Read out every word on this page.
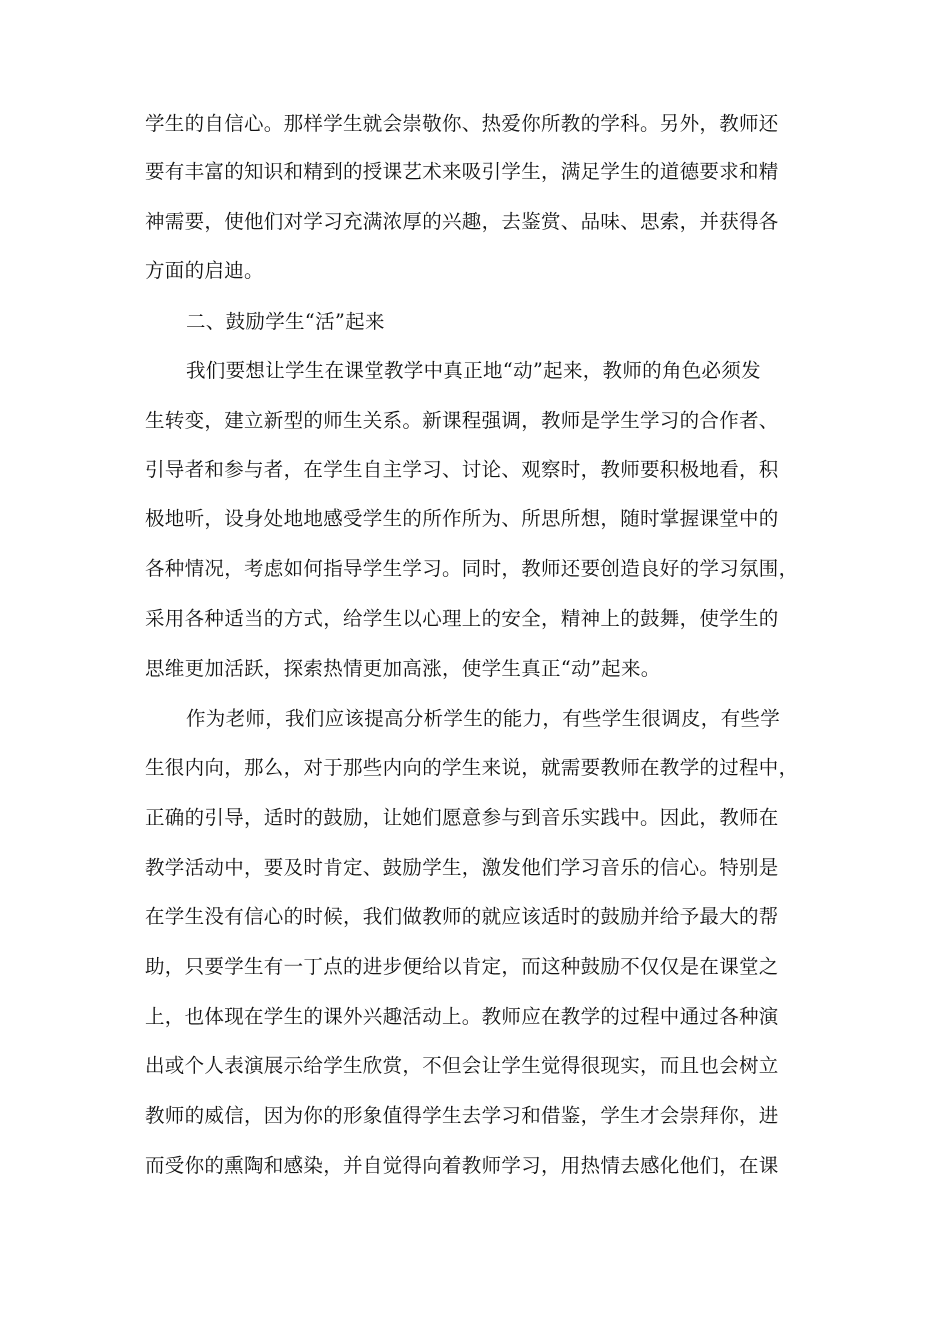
学生的自信心。那样学生就会崇敬你、热爱你所教的学科。另外，教师还
要有丰富的知识和精到的授课艺术来吸引学生，满足学生的道德要求和精
神需要，使他们对学习充满浓厚的兴趣，去鉴赏、品味、思索，并获得各
方面的启迪。
二、鼓励学生“活”起来
我们要想让学生在课堂教学中真正地“动”起来，教师的角色必须发
生转变，建立新型的师生关系。新课程强调，教师是学生学习的合作者、
引导者和参与者，在学生自主学习、讨论、观察时，教师要积极地看，积
极地听，设身处地地感受学生的所作所为、所思所想，随时掌握课堂中的
各种情况，考虑如何指导学生学习。同时，教师还要创造良好的学习氛围，
采用各种适当的方式，给学生以心理上的安全，精神上的鼓舞，使学生的
思维更加活跃，探索热情更加高涨，使学生真正“动”起来。
作为老师，我们应该提高分析学生的能力，有些学生很调皮，有些学
生很内向，那么，对于那些内向的学生来说，就需要教师在教学的过程中，
正确的引导，适时的鼓励，让她们愿意参与到音乐实践中。因此，教师在
教学活动中，要及时肯定、鼓励学生，激发他们学习音乐的信心。特别是
在学生没有信心的时候，我们做教师的就应该适时的鼓励并给予最大的帮
助，只要学生有一丁点的进步便给以肯定，而这种鼓励不仅仅是在课堂之
上，也体现在学生的课外兴趣活动上。教师应在教学的过程中通过各种演
出或个人表演展示给学生欣赏，不但会让学生觉得很现实，而且也会树立
教师的威信，因为你的形象值得学生去学习和借鉴，学生才会崇拜你，进
而受你的熏陶和感染，并自觉得向着教师学习，用热情去感化他们，在课
